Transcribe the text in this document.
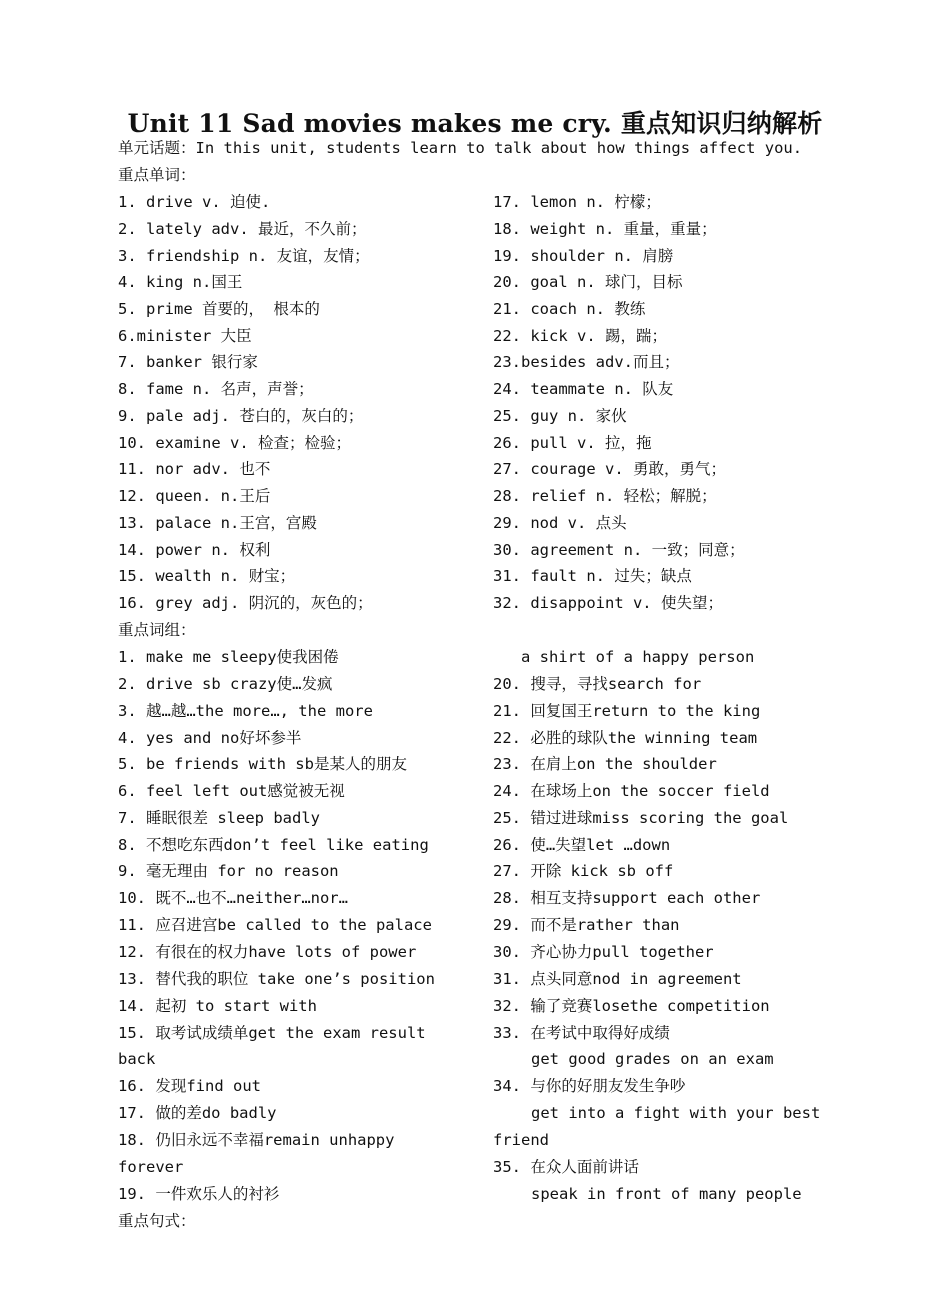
Unit 11 Sad movies makes me cry. 重点知识归纳解析
单元话题：In this unit, students learn to talk about how things affect you.
重点单词：
1. drive v. 迫使.
2. lately adv. 最近，不久前；
3. friendship n. 友谊，友情；
4. king n.国王
5. prime 首要的， 根本的
6.minister 大臣
7. banker 银行家
8. fame n. 名声，声誉；
9. pale adj. 苍白的，灰白的；
10. examine v. 检查；检验；
11. nor adv. 也不
12. queen. n.王后
13. palace n.王宫，宫殿
14. power n. 权利
15. wealth n. 财宝；
16. grey adj. 阴沉的，灰色的；
17. lemon n. 柠檬；
18. weight n. 重量，重量；
19. shoulder n. 肩膀
20. goal n. 球门，目标
21. coach n. 教练
22. kick v. 踢，踹；
23.besides adv.而且；
24. teammate n. 队友
25. guy n. 家伙
26. pull v. 拉，拖
27. courage v. 勇敢，勇气；
28. relief n. 轻松；解脱；
29. nod v. 点头
30. agreement n. 一致；同意；
31. fault n. 过失；缺点
32. disappoint v. 使失望；
重点词组：
1. make me sleepy使我困倦
2. drive sb crazy使…发疯
3. 越…越…the more…, the more
4. yes and no好坏参半
5. be friends with sb是某人的朋友
6. feel left out感觉被无视
7. 睡眠很差 sleep badly
8. 不想吃东西don’t feel like eating
9. 毫无理由 for no reason
10. 既不…也不…neither…nor…
11. 应召进宫be called to the palace
12. 有很在的权力have lots of power
13. 替代我的职位 take one’s position
14. 起初 to start with
15. 取考试成绩单get the exam result
back
16. 发现find out
17. 做的差do badly
18. 仍旧永远不幸福remain unhappy
forever
19. 一件欢乐人的衬衫
a shirt of a happy person
20. 搜寻，寻找search for
21. 回复国王return to the king
22. 必胜的球队the winning team
23. 在肩上on the shoulder
24. 在球场上on the soccer field
25. 错过进球miss scoring the goal
26. 使…失望let …down
27. 开除 kick sb off
28. 相互支持support each other
29. 而不是rather than
30. 齐心协力pull together
31. 点头同意nod in agreement
32. 输了竞赛losethe competition
33. 在考试中取得好成绩
get good grades on an exam
34. 与你的好朋友发生争吵
get into a fight with your best
friend
35. 在众人面前讲话
speak in front of many people
重点句式：
